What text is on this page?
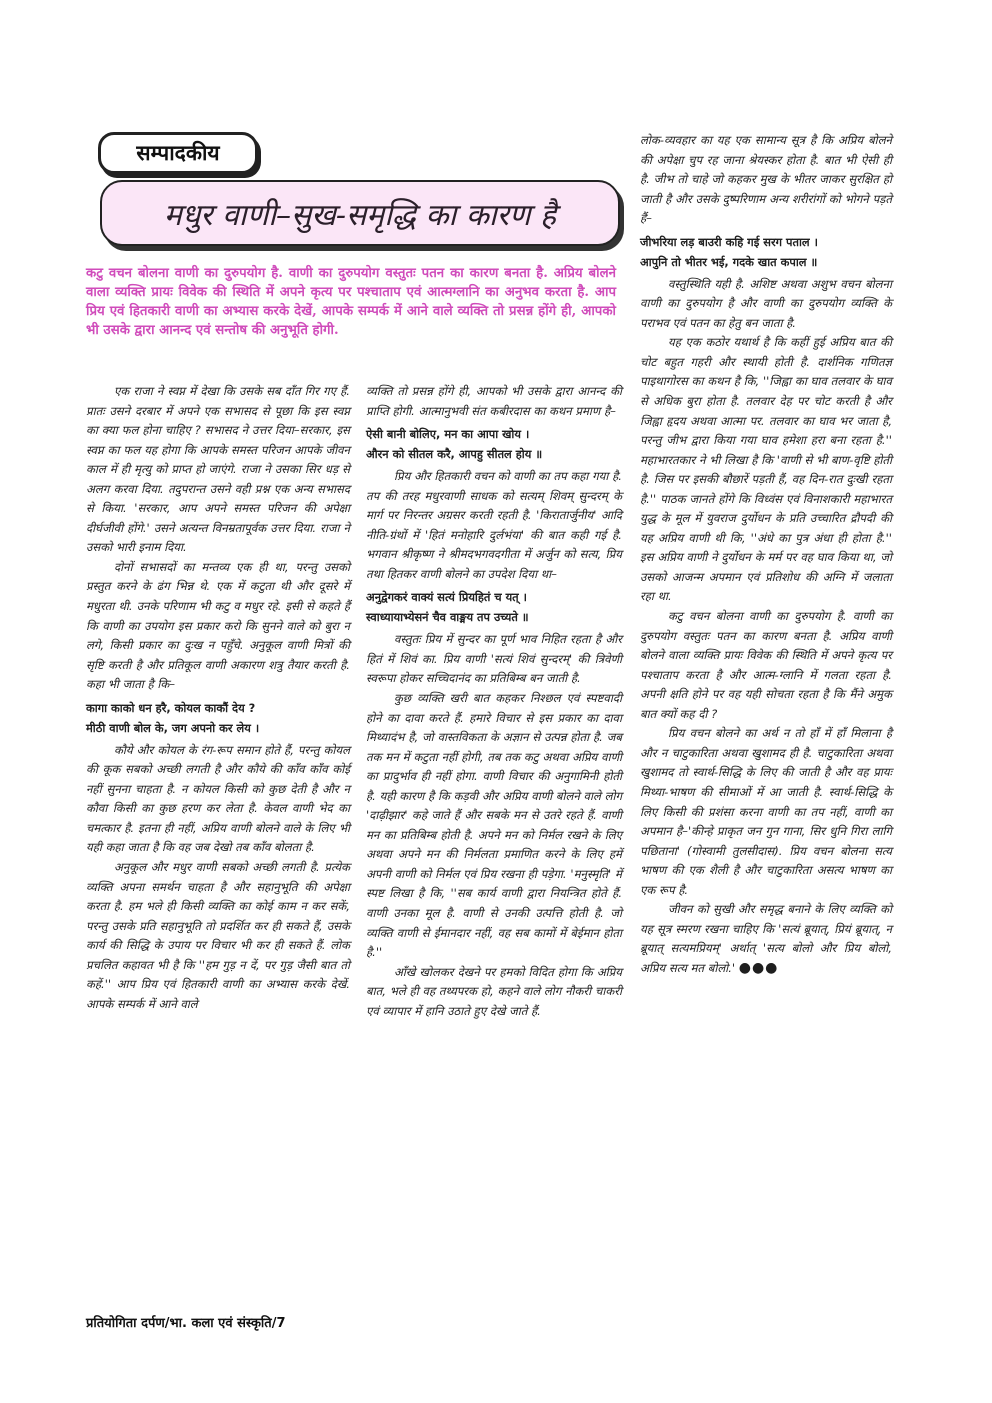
सम्पादकीय
मधुर वाणी–सुख-समृद्धि का कारण है

कटु वचन बोलना वाणी का दुरुपयोग है. वाणी का दुरुपयोग वस्तुतः पतन का कारण बनता है. अप्रिय बोलने वाला व्यक्ति प्रायः विवेक की स्थिति में अपने कृत्य पर पश्चाताप एवं आत्मग्लानि का अनुभव करता है. आप प्रिय एवं हितकारी वाणी का अभ्यास करके देखें, आपके सम्पर्क में आने वाले व्यक्ति तो प्रसन्न होंगे ही, आपको भी उसके द्वारा आनन्द एवं सन्तोष की अनुभूति होगी.

एक राजा ने स्वप्न में देखा कि उसके सब दाँत गिर गए हैं. प्रातः उसने दरबार में अपने एक सभासद से पूछा कि इस स्वप्न का क्या फल होना चाहिए ? सभासद ने उत्तर दिया–सरकार, इस स्वप्न का फल यह होगा कि आपके समस्त परिजन आपके जीवन काल में ही मृत्यु को प्राप्त हो जाएंगे. राजा ने उसका सिर धड़ से अलग करवा दिया. तदुपरान्त उसने वही प्रश्न एक अन्य सभासद से किया. 'सरकार, आप अपने समस्त परिजन की अपेक्षा दीर्घजीवी होंगे.' उसने अत्यन्त विनम्रतापूर्वक उत्तर दिया. राजा ने उसको भारी इनाम दिया.

दोनों सभासदों का मन्तव्य एक ही था, परन्तु उसको प्रस्तुत करने के ढंग भिन्न थे. एक में कटुता थी और दूसरे में मधुरता थी. उनके परिणाम भी कटु व मधुर रहे. इसी से कहते हैं कि वाणी का उपयोग इस प्रकार करो कि सुनने वाले को बुरा न लगे, किसी प्रकार का दुःख न पहुँचे. अनुकूल वाणी मित्रों की सृष्टि करती है और प्रतिकूल वाणी अकारण शत्रु तैयार करती है. कहा भी जाता है कि–

कागा काको धन हरै, कोयल काकौं देय ?
मीठी वाणी बोल के, जग अपनो कर लेय ।

कौये और कोयल के रंग-रूप समान होते हैं, परन्तु कोयल की कूक सबको अच्छी लगती है और कौये की काँव काँव कोई नहीं सुनना चाहता है. न कोयल किसी को कुछ देती है और न कौवा किसी का कुछ हरण कर लेता है. केवल वाणी भेद का चमत्कार है. इतना ही नहीं, अप्रिय वाणी बोलने वाले के लिए भी यही कहा जाता है कि वह जब देखो तब काँव बोलता है.

अनुकूल और मधुर वाणी सबको अच्छी लगती है. प्रत्येक व्यक्ति अपना समर्थन चाहता है और सहानुभूति की अपेक्षा करता है. हम भले ही किसी व्यक्ति का कोई काम न कर सकें, परन्तु उसके प्रति सहानुभूति तो प्रदर्शित कर ही सकते हैं, उसके कार्य की सिद्धि के उपाय पर विचार भी कर ही सकते हैं. लोक प्रचलित कहावत भी है कि ''हम गुड़ न दें, पर गुड़ जैसी बात तो कहें.'' आप प्रिय एवं हितकारी वाणी का अभ्यास करके देखें. आपके सम्पर्क में आने वाले

व्यक्ति तो प्रसन्न होंगे ही, आपको भी उसके द्वारा आनन्द की प्राप्ति होगी. आत्मानुभवी संत कबीरदास का कथन प्रमाण है–

ऐसी बानी बोलिए, मन का आपा खोय ।
औरन को सीतल करै, आपहु सीतल होय ॥

प्रिय और हितकारी वचन को वाणी का तप कहा गया है. तप की तरह मधुरवाणी साधक को सत्यम् शिवम् सुन्दरम् के मार्ग पर निरन्तर अग्रसर करती रहती है. 'किरातार्जुनीय' आदि नीति-ग्रंथों में 'हितं मनोहारि दुर्लभंया' की बात कही गई है. भगवान श्रीकृष्ण ने श्रीमदभगवदगीता में अर्जुन को सत्य, प्रिय तथा हितकर वाणी बोलने का उपदेश दिया था–

अनुद्वेगकरं वाक्यं सत्यं प्रियहितं च यत् ।
स्वाध्यायाभ्येसनं चैव वाङ्मय तप उच्यते ॥

वस्तुतः प्रिय में सुन्दर का पूर्ण भाव निहित रहता है और हितं में शिवं का. प्रिय वाणी 'सत्यं शिवं सुन्दरम्' की त्रिवेणी स्वरूपा होकर सच्चिदानंद का प्रतिबिम्ब बन जाती है.

कुछ व्यक्ति खरी बात कहकर निश्छल एवं स्पष्टवादी होने का दावा करते हैं. हमारे विचार से इस प्रकार का दावा मिथ्यादंभ है, जो वास्तविकता के अज्ञान से उत्पन्न होता है. जब तक मन में कटुता नहीं होगी, तब तक कटु अथवा अप्रिय वाणी का प्रादुर्भाव ही नहीं होगा. वाणी विचार की अनुगामिनी होती है. यही कारण है कि कड़वी और अप्रिय वाणी बोलने वाले लोग 'दाढ़ीझार' कहे जाते हैं और सबके मन से उतरे रहते हैं. वाणी मन का प्रतिबिम्ब होती है. अपने मन को निर्मल रखने के लिए अथवा अपने मन की निर्मलता प्रमाणित करने के लिए हमें अपनी वाणी को निर्मल एवं प्रिय रखना ही पड़ेगा. 'मनुस्मृति' में स्पष्ट लिखा है कि, ''सब कार्य वाणी द्वारा नियन्त्रित होते हैं. वाणी उनका मूल है. वाणी से उनकी उत्पत्ति होती है. जो व्यक्ति वाणी से ईमानदार नहीं, वह सब कामों में बेईमान होता है.''

आँखे खोलकर देखने पर हमको विदित होगा कि अप्रिय बात, भले ही वह तथ्यपरक हो, कहने वाले लोग नौकरी चाकरी एवं व्यापार में हानि उठाते हुए देखे जाते हैं.

लोक-व्यवहार का यह एक सामान्य सूत्र है कि अप्रिय बोलने की अपेक्षा चुप रह जाना श्रेयस्कर होता है. बात भी ऐसी ही है. जीभ तो चाहे जो कहकर मुख के भीतर जाकर सुरक्षित हो जाती है और उसके दुष्परिणाम अन्य शरीरांगों को भोगने पड़ते हैं–

जीभरिया लड़ बाउरी कहि गई सरग पताल ।
आपुनि तो भीतर भई, गदके खात कपाल ॥

वस्तुस्थिति यही है. अशिष्ट अथवा अशुभ वचन बोलना वाणी का दुरुपयोग है और वाणी का दुरुपयोग व्यक्ति के पराभव एवं पतन का हेतु बन जाता है.

यह एक कठोर यथार्थ है कि कहीं हुई अप्रिय बात की चोट बहुत गहरी और स्थायी होती है. दार्शनिक गणितज्ञ पाइथागोरस का कथन है कि, ''जिह्वा का घाव तलवार के घाव से अधिक बुरा होता है. तलवार देह पर चोट करती है और जिह्वा हृदय अथवा आत्मा पर. तलवार का घाव भर जाता है, परन्तु जीभ द्वारा किया गया घाव हमेशा हरा बना रहता है.'' महाभारतकार ने भी लिखा है कि 'वाणी से भी बाण-वृष्टि होती है. जिस पर इसकी बौछारें पड़ती हैं, वह दिन-रात दुःखी रहता है.'' पाठक जानते होंगे कि विध्वंस एवं विनाशकारी महाभारत युद्ध के मूल में युवराज दुर्योधन के प्रति उच्चारित द्रौपदी की यह अप्रिय वाणी थी कि, ''अंधे का पुत्र अंधा ही होता है.'' इस अप्रिय वाणी ने दुर्योधन के मर्म पर वह घाव किया था, जो उसको आजन्म अपमान एवं प्रतिशोध की अग्नि में जलाता रहा था.

कटु वचन बोलना वाणी का दुरुपयोग है. वाणी का दुरुपयोग वस्तुतः पतन का कारण बनता है. अप्रिय वाणी बोलने वाला व्यक्ति प्रायः विवेक की स्थिति में अपने कृत्य पर पश्चाताप करता है और आत्म-ग्लानि में गलता रहता है. अपनी क्षति होने पर वह यही सोचता रहता है कि मैंने अमुक बात क्यों कह दी ?

प्रिय वचन बोलने का अर्थ न तो हाँ में हाँ मिलाना है और न चाटुकारिता अथवा खुशामद ही है. चाटुकारिता अथवा खुशामद तो स्वार्थ-सिद्धि के लिए की जाती है और वह प्रायः मिथ्या-भाषण की सीमाओं में आ जाती है. स्वार्थ-सिद्धि के लिए किसी की प्रशंसा करना वाणी का तप नहीं, वाणी का अपमान है–'कीन्हे प्राकृत जन गुन गाना, सिर धुनि गिरा लागि पछिताना' (गोस्वामी तुलसीदास). प्रिय वचन बोलना सत्य भाषण की एक शैली है और चाटुकारिता असत्य भाषण का एक रूप है.

जीवन को सुखी और समृद्ध बनाने के लिए व्यक्ति को यह सूत्र स्मरण रखना चाहिए कि 'सत्यं ब्रूयात्, प्रियं ब्रूयात्, न ब्रूयात् सत्यमप्रियम्' अर्थात् 'सत्य बोलो और प्रिय बोलो, अप्रिय सत्य मत बोलो.' ●●●

प्रतियोगिता दर्पण/भा. कला एवं संस्कृति/7
